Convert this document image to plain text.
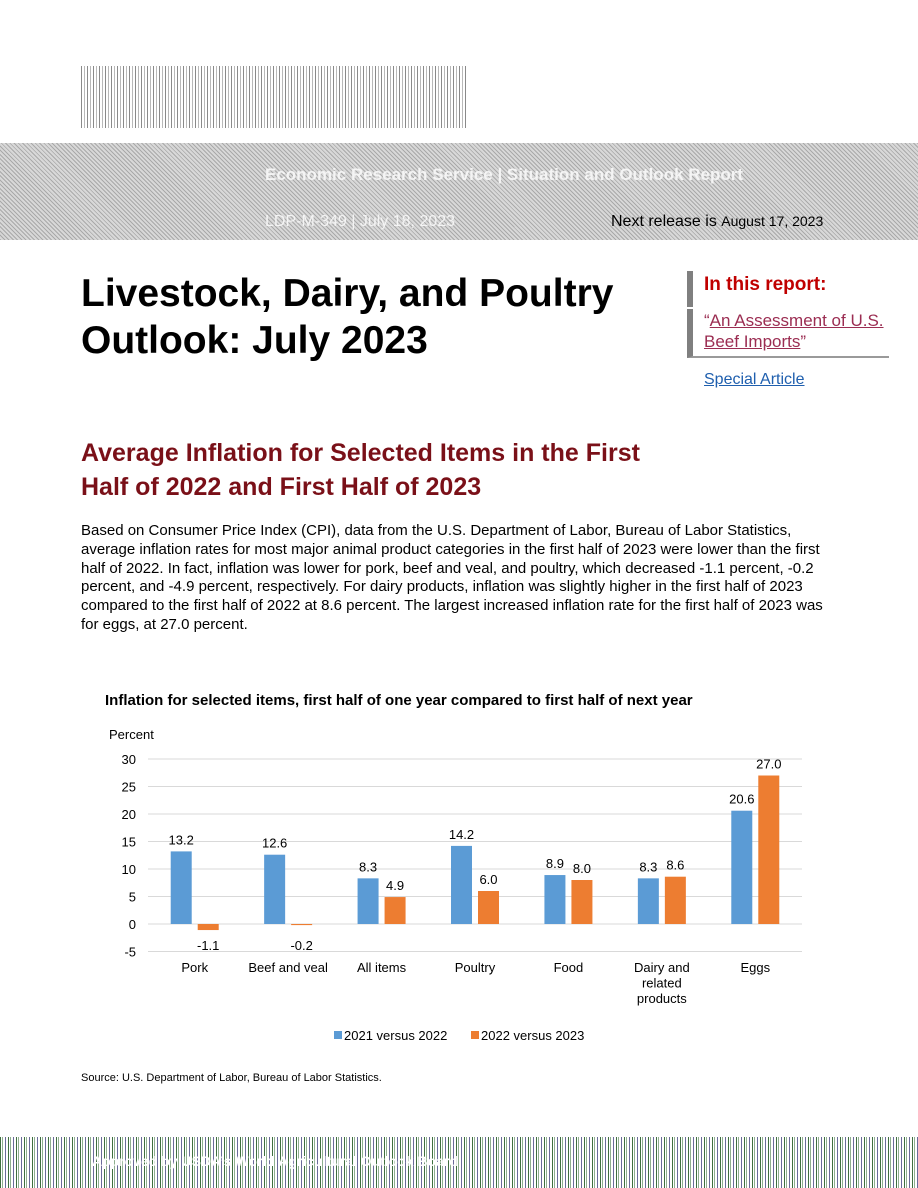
Economic Research Service | Situation and Outlook Report
LDP-M-349 | July 18, 2023	Next release is August 17, 2023
Livestock, Dairy, and Poultry Outlook: July 2023
In this report:
“An Assessment of U.S. Beef Imports”
Special Article
Average Inflation for Selected Items in the First Half of 2022 and First Half of 2023

Based on Consumer Price Index (CPI), data from the U.S. Department of Labor, Bureau of Labor Statistics, average inflation rates for most major animal product categories in the first half of 2023 were lower than the first half of 2022. In fact, inflation was lower for pork, beef and veal, and poultry, which decreased -1.1 percent, -0.2 percent, and -4.9 percent, respectively. For dairy products, inflation was slightly higher in the first half of 2023 compared to the first half of 2022 at 8.6 percent. The largest increased inflation rate for the first half of 2023 was for eggs, at 27.0 percent.

Inflation for selected items, first half of one year compared to first half of next year
Percent
-5
0
5
10
15
20
25
30
13.2
-1.1
Pork
12.6
-0.2
Beef and veal
8.3
4.9
All items
14.2
6.0
Poultry
8.9 8.0
Food
8.3 8.6
Dairy and
related
products
20.6
27.0
Eggs
2021 versus 2022	2022 versus 2023
Source: U.S. Department of Labor, Bureau of Labor Statistics.
Approved by USDA’s World Agricultural Outlook Board
